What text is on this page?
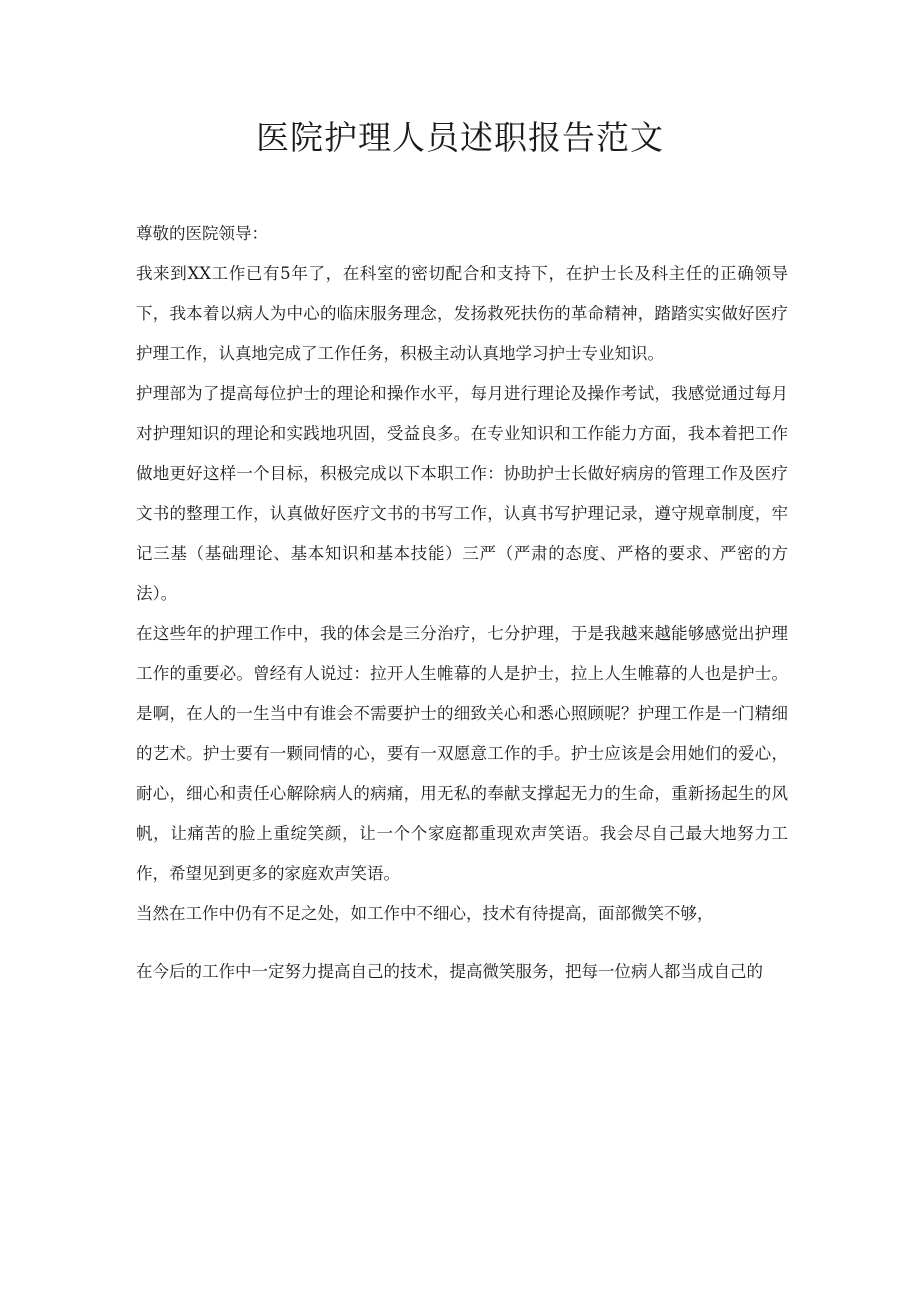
医院护理人员述职报告范文

尊敬的医院领导：

我来到XX工作已有5年了，在科室的密切配合和支持下，在护士长及科主任的正确领导下，我本着以病人为中心的临床服务理念，发扬救死扶伤的革命精神，踏踏实实做好医疗护理工作，认真地完成了工作任务，积极主动认真地学习护士专业知识。

护理部为了提高每位护士的理论和操作水平，每月进行理论及操作考试，我感觉通过每月对护理知识的理论和实践地巩固，受益良多。在专业知识和工作能力方面，我本着把工作做地更好这样一个目标，积极完成以下本职工作：协助护士长做好病房的管理工作及医疗文书的整理工作，认真做好医疗文书的书写工作，认真书写护理记录，遵守规章制度，牢记三基（基础理论、基本知识和基本技能）三严（严肃的态度、严格的要求、严密的方法）。

在这些年的护理工作中，我的体会是三分治疗，七分护理，于是我越来越能够感觉出护理工作的重要必。曾经有人说过：拉开人生帷幕的人是护士，拉上人生帷幕的人也是护士。是啊，在人的一生当中有谁会不需要护士的细致关心和悉心照顾呢？护理工作是一门精细的艺术。护士要有一颗同情的心，要有一双愿意工作的手。护士应该是会用她们的爱心，耐心，细心和责任心解除病人的病痛，用无私的奉献支撑起无力的生命，重新扬起生的风帆，让痛苦的脸上重绽笑颜，让一个个家庭都重现欢声笑语。我会尽自己最大地努力工作，希望见到更多的家庭欢声笑语。

当然在工作中仍有不足之处，如工作中不细心，技术有待提高，面部微笑不够，

在今后的工作中一定努力提高自己的技术，提高微笑服务，把每一位病人都当成自己的
